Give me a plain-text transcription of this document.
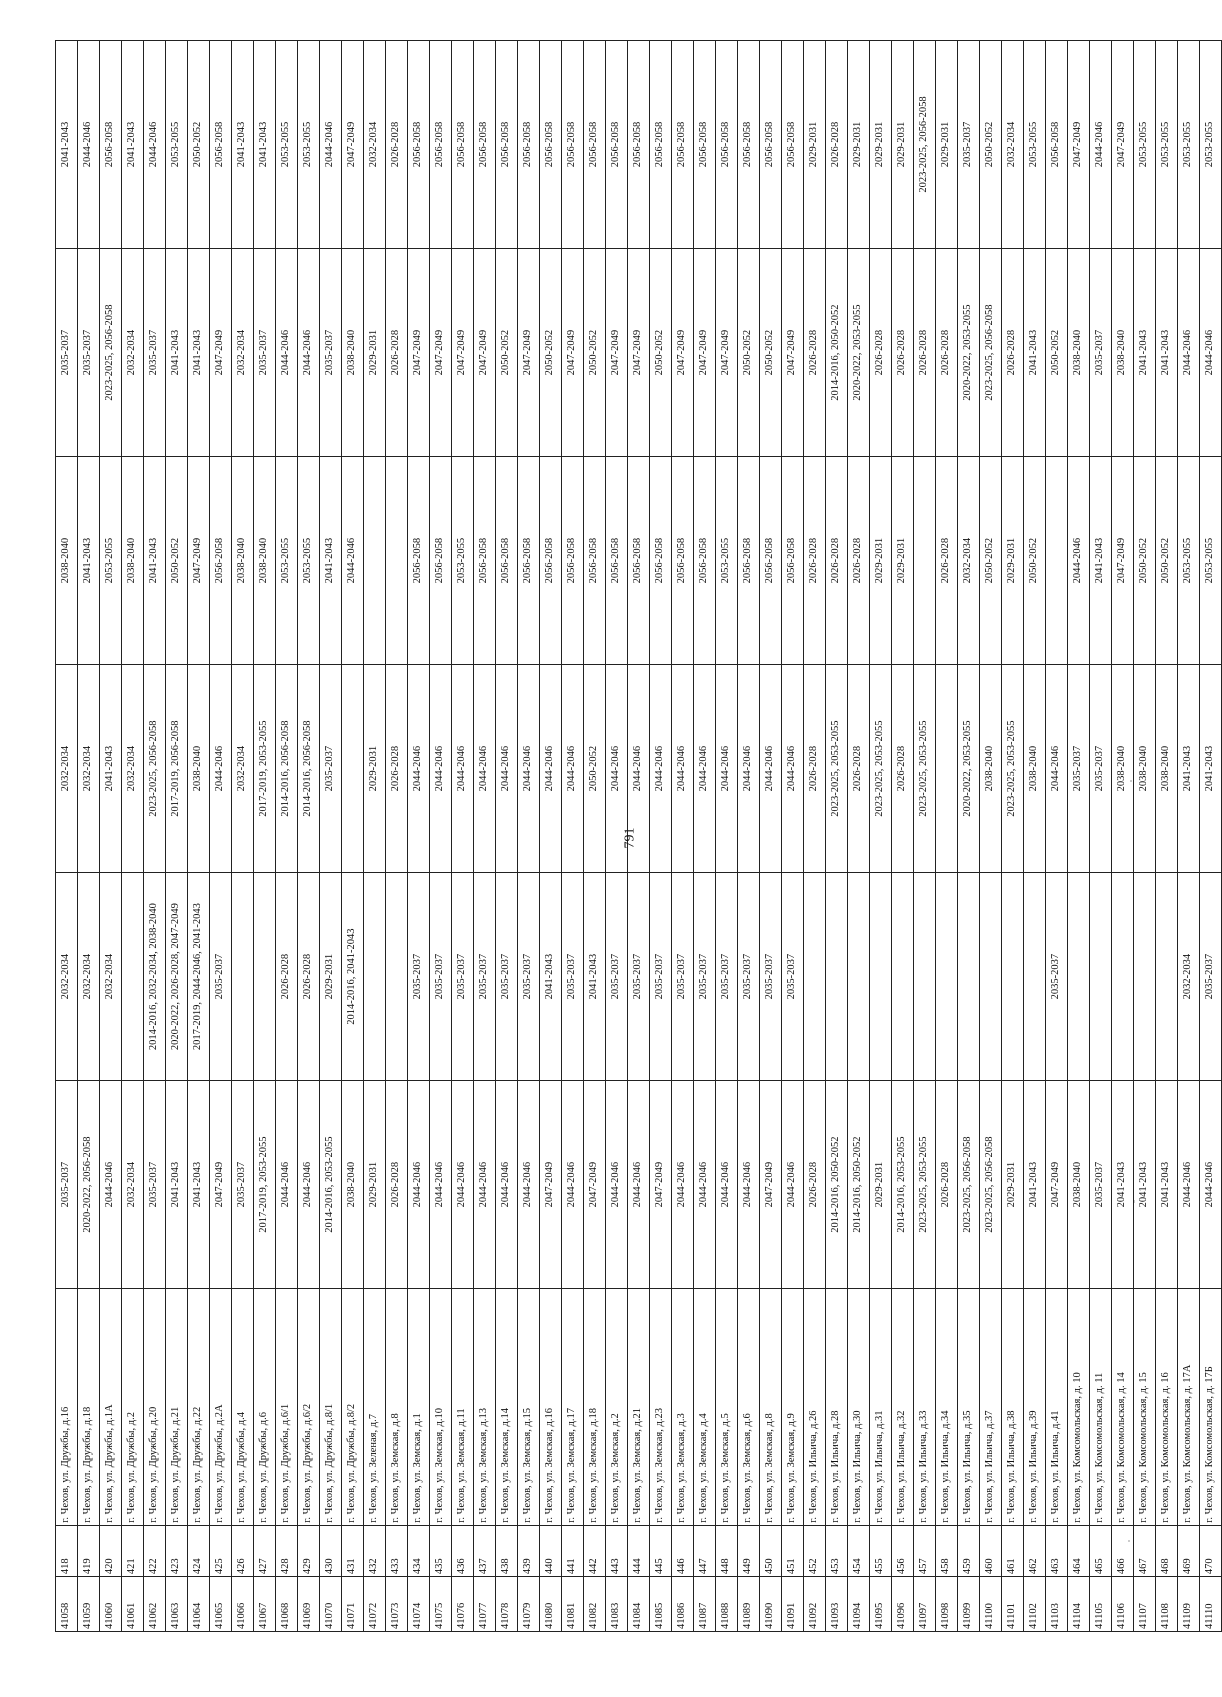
41058	418	г. Чехов, ул. Дружбы, д.16	2035-2037	2032-2034	2032-2034	2038-2040	2035-2037	2041-2043
41059	419	г. Чехов, ул. Дружбы, д.18	2020-2022, 2056-2058	2032-2034	2032-2034	2041-2043	2035-2037	2044-2046
41060	420	г. Чехов, ул. Дружбы, д.1А	2044-2046	2032-2034	2041-2043	2053-2055	2023-2025, 2056-2058	2056-2058
41061	421	г. Чехов, ул. Дружбы, д.2	2032-2034		2032-2034	2038-2040	2032-2034	2041-2043
41062	422	г. Чехов, ул. Дружбы, д.20	2035-2037	2014-2016, 2032-2034, 2038-2040	2023-2025, 2056-2058	2041-2043	2035-2037	2044-2046
41063	423	г. Чехов, ул. Дружбы, д.21	2041-2043	2020-2022, 2026-2028, 2047-2049	2017-2019, 2056-2058	2050-2052	2041-2043	2053-2055
41064	424	г. Чехов, ул. Дружбы, д.22	2041-2043	2017-2019, 2044-2046, 2041-2043	2038-2040	2047-2049	2041-2043	2050-2052
41065	425	г. Чехов, ул. Дружбы, д.2А	2047-2049	2035-2037	2044-2046	2056-2058	2047-2049	2056-2058
41066	426	г. Чехов, ул. Дружбы, д.4	2035-2037		2032-2034	2038-2040	2032-2034	2041-2043
41067	427	г. Чехов, ул. Дружбы, д.6	2017-2019, 2053-2055		2017-2019, 2053-2055	2038-2040	2035-2037	2041-2043
41068	428	г. Чехов, ул. Дружбы, д.6/1	2044-2046	2026-2028	2014-2016, 2056-2058	2053-2055	2044-2046	2053-2055
41069	429	г. Чехов, ул. Дружбы, д.6/2	2044-2046	2026-2028	2014-2016, 2056-2058	2053-2055	2044-2046	2053-2055
41070	430	г. Чехов, ул. Дружбы, д.8/1	2014-2016, 2053-2055	2029-2031	2035-2037	2041-2043	2035-2037	2044-2046
41071	431	г. Чехов, ул. Дружбы, д.8/2	2038-2040	2014-2016, 2041-2043		2044-2046	2038-2040	2047-2049
41072	432	г. Чехов, ул. Зеленая, д.7	2029-2031		2029-2031		2029-2031	2032-2034
41073	433	г. Чехов, ул. Земская, д.8	2026-2028		2026-2028		2026-2028	2026-2028
41074	434	г. Чехов, ул. Земская, д.1	2044-2046	2035-2037	2044-2046	2056-2058	2047-2049	2056-2058
41075	435	г. Чехов, ул. Земская, д.10	2044-2046	2035-2037	2044-2046	2056-2058	2047-2049	2056-2058
41076	436	г. Чехов, ул. Земская, д.11	2044-2046	2035-2037	2044-2046	2053-2055	2047-2049	2056-2058
41077	437	г. Чехов, ул. Земская, д.13	2044-2046	2035-2037	2044-2046	2056-2058	2047-2049	2056-2058
41078	438	г. Чехов, ул. Земская, д.14	2044-2046	2035-2037	2044-2046	2056-2058	2050-2052	2056-2058
41079	439	г. Чехов, ул. Земская, д.15	2044-2046	2035-2037	2044-2046	2056-2058	2047-2049	2056-2058
41080	440	г. Чехов, ул. Земская, д.16	2047-2049	2041-2043	2044-2046	2056-2058	2050-2052	2056-2058
41081	441	г. Чехов, ул. Земская, д.17	2044-2046	2035-2037	2044-2046	2056-2058	2047-2049	2056-2058
41082	442	г. Чехов, ул. Земская, д.18	2047-2049	2041-2043	2050-2052	2056-2058	2050-2052	2056-2058
41083	443	г. Чехов, ул. Земская, д.2	2044-2046	2035-2037	2044-2046	2056-2058	2047-2049	2056-2058
41084	444	г. Чехов, ул. Земская, д.21	2044-2046	2035-2037	2044-2046	2056-2058	2047-2049	2056-2058
41085	445	г. Чехов, ул. Земская, д.23	2047-2049	2035-2037	2044-2046	2056-2058	2050-2052	2056-2058
41086	446	г. Чехов, ул. Земская, д.3	2044-2046	2035-2037	2044-2046	2056-2058	2047-2049	2056-2058
41087	447	г. Чехов, ул. Земская, д.4	2044-2046	2035-2037	2044-2046	2056-2058	2047-2049	2056-2058
41088	448	г. Чехов, ул. Земская, д.5	2044-2046	2035-2037	2044-2046	2053-2055	2047-2049	2056-2058
41089	449	г. Чехов, ул. Земская, д.6	2044-2046	2035-2037	2044-2046	2056-2058	2050-2052	2056-2058
41090	450	г. Чехов, ул. Земская, д.8	2047-2049	2035-2037	2044-2046	2056-2058	2050-2052	2056-2058
41091	451	г. Чехов, ул. Земская, д.9	2044-2046	2035-2037	2044-2046	2056-2058	2047-2049	2056-2058
41092	452	г. Чехов, ул. Ильича, д.26	2026-2028		2026-2028	2026-2028	2026-2028	2029-2031
41093	453	г. Чехов, ул. Ильича, д.28	2014-2016, 2050-2052		2023-2025, 2053-2055	2026-2028	2014-2016, 2050-2052	2026-2028
41094	454	г. Чехов, ул. Ильича, д.30	2014-2016, 2050-2052		2026-2028	2026-2028	2020-2022, 2053-2055	2029-2031
41095	455	г. Чехов, ул. Ильича, д.31	2029-2031		2023-2025, 2053-2055	2029-2031	2026-2028	2029-2031
41096	456	г. Чехов, ул. Ильича, д.32	2014-2016, 2053-2055		2026-2028	2029-2031	2026-2028	2029-2031
41097	457	г. Чехов, ул. Ильича, д.33	2023-2025, 2053-2055		2023-2025, 2053-2055		2026-2028	2023-2025, 2056-2058
41098	458	г. Чехов, ул. Ильича, д.34	2026-2028			2026-2028	2026-2028	2029-2031
41099	459	г. Чехов, ул. Ильича, д.35	2023-2025, 2056-2058		2020-2022, 2053-2055	2032-2034	2020-2022, 2053-2055	2035-2037
41100	460	г. Чехов, ул. Ильича, д.37	2023-2025, 2056-2058		2038-2040	2050-2052	2023-2025, 2056-2058	2050-2052
41101	461	г. Чехов, ул. Ильича, д.38	2029-2031		2023-2025, 2053-2055	2029-2031	2026-2028	2032-2034
41102	462	г. Чехов, ул. Ильича, д.39	2041-2043		2038-2040	2050-2052	2041-2043	2053-2055
41103	463	г. Чехов, ул. Ильича, д.41	2047-2049	2035-2037	2044-2046		2050-2052	2056-2058
41104	464	г. Чехов, ул. Комсомольская, д. 10	2038-2040		2035-2037	2044-2046	2038-2040	2047-2049
41105	465	г. Чехов, ул. Комсомольская, д. 11	2035-2037		2035-2037	2041-2043	2035-2037	2044-2046
41106	466	г. Чехов, ул. Комсомольская, д. 14	2041-2043		2038-2040	2047-2049	2038-2040	2047-2049
41107	467	г. Чехов, ул. Комсомольская, д. 15	2041-2043		2038-2040	2050-2052	2041-2043	2053-2055
41108	468	г. Чехов, ул. Комсомольская, д. 16	2041-2043		2038-2040	2050-2052	2041-2043	2053-2055
41109	469	г. Чехов, ул. Комсомольская, д. 17А	2044-2046	2032-2034	2041-2043	2053-2055	2044-2046	2053-2055
41110	470	г. Чехов, ул. Комсомольская, д. 17Б	2044-2046	2035-2037	2041-2043	2053-2055	2044-2046	2053-2055
791
